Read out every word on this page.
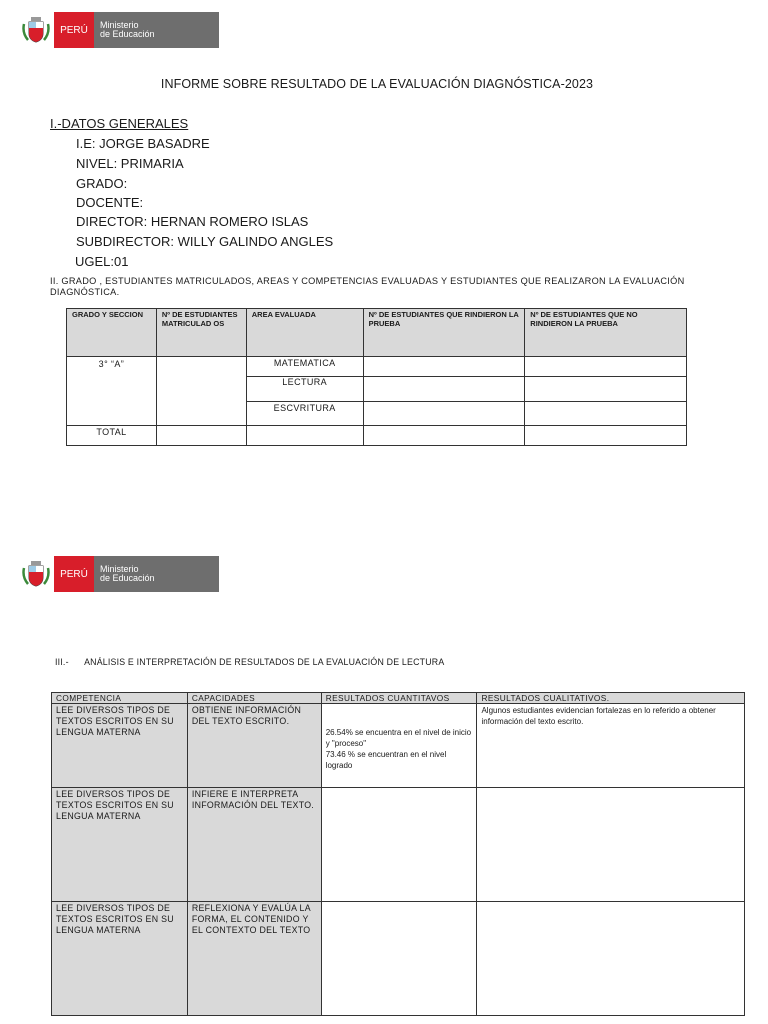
PERÚ	Ministerio
de Educación
INFORME SOBRE RESULTADO DE LA EVALUACIÓN DIAGNÓSTICA-2023
I.-DATOS GENERALES
I.E: JORGE BASADRE
NIVEL: PRIMARIA
GRADO:
DOCENTE:
DIRECTOR: HERNAN ROMERO ISLAS
SUBDIRECTOR: WILLY GALINDO ANGLES
UGEL:01
II. GRADO , ESTUDIANTES MATRICULADOS, AREAS Y COMPETENCIAS EVALUADAS Y ESTUDIANTES QUE REALIZARON LA EVALUACIÓN DIAGNÓSTICA.
GRADO Y SECCION	Nº DE ESTUDIANTES MATRICULAD OS	AREA EVALUADA	Nº DE ESTUDIANTES QUE RINDIERON LA PRUEBA	Nº DE ESTUDIANTES QUE NO RINDIERON LA PRUEBA
3° “A”		MATEMATICA		
		LECTURA		
		ESCVRITURA		
TOTAL				
PERÚ	Ministerio
de Educación
III.-      ANÁLISIS E INTERPRETACIÓN DE RESULTADOS DE LA EVALUACIÓN DE LECTURA
COMPETENCIA	CAPACIDADES	RESULTADOS CUANTITAVOS	RESULTADOS CUALITATIVOS.
LEE DIVERSOS TIPOS DE TEXTOS ESCRITOS EN SU LENGUA MATERNA	OBTIENE INFORMACIÓN DEL TEXTO ESCRITO.	26.54% se encuentra en el nivel de inicio y "proceso"
73.46 % se encuentran en el nivel logrado	Algunos estudiantes evidencian fortalezas en lo referido a obtener información del texto escrito.
LEE DIVERSOS TIPOS DE TEXTOS ESCRITOS EN SU LENGUA MATERNA	INFIERE E INTERPRETA INFORMACIÓN DEL TEXTO.		
LEE DIVERSOS TIPOS DE TEXTOS ESCRITOS EN SU LENGUA MATERNA	REFLEXIONA Y EVALÚA LA FORMA, EL CONTENIDO Y EL CONTEXTO DEL TEXTO		
